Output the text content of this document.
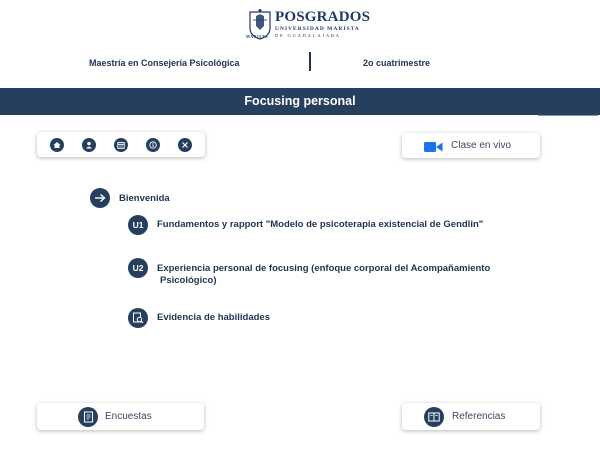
POSGRADOS
UNIVERSIDAD MARISTA
DE GUADALAJARA
MARISTA
Maestría en Consejería Psicológica	2o cuatrimestre
Focusing personal
Clase en vivo
Bienvenida
U1 Fundamentos y rapport "Modelo de psicoterapia existencial de Gendlin"
U2 Experiencia personal de focusing (enfoque corporal del Acompañamiento
Psicológico)
Evidencia de habilidades
Encuestas	Referencias
